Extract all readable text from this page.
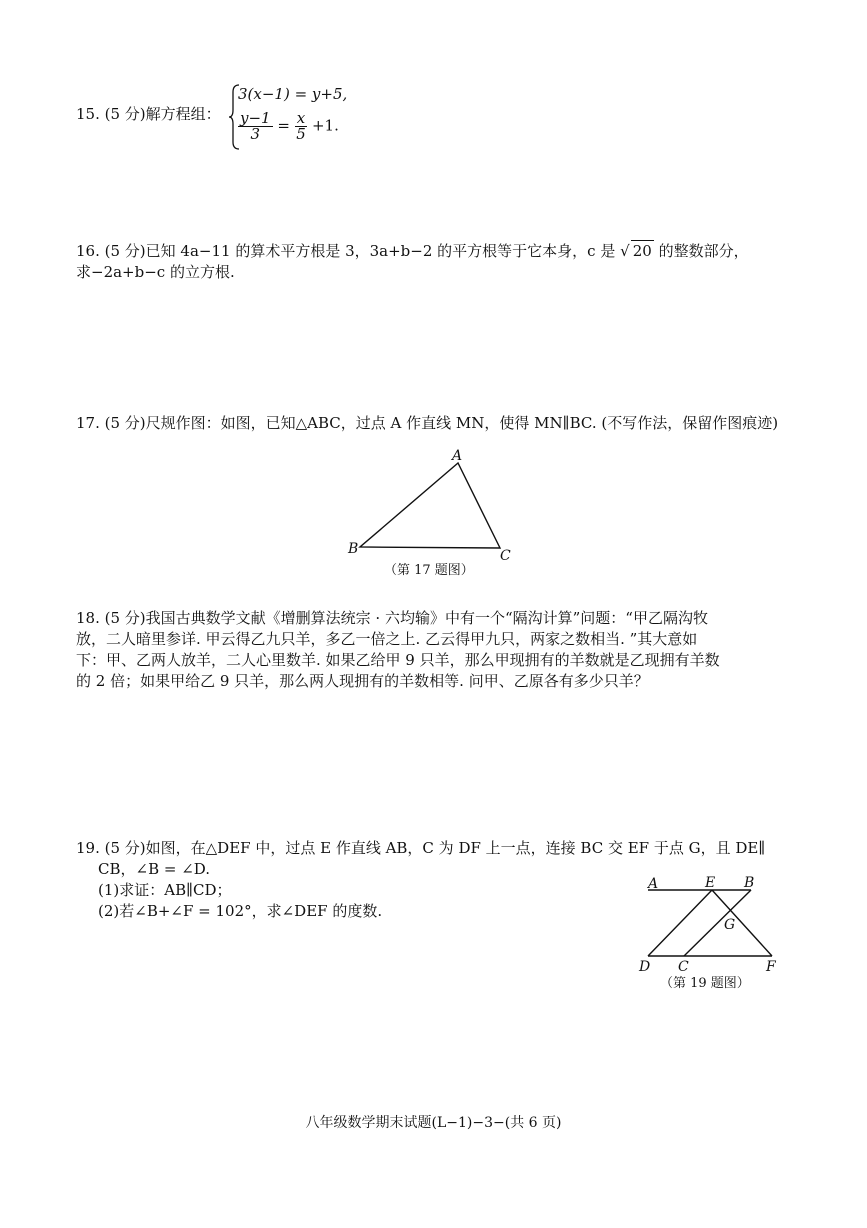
15. (5 分)解方程组：
3(x−1) = y+5,
$\frac{y-1}{3} = \frac{x}{5} +1$.
16. (5 分)已知 4a−11 的算术平方根是 3，3a+b−2 的平方根等于它本身，c 是 √ 20 的整数部分，
求−2a+b−c 的立方根.
17. (5 分)尺规作图：如图，已知△ABC，过点 A 作直线 MN，使得 MN∥BC. (不写作法，保留作图痕迹)
A
B	C
（第 17 题图）
18. (5 分)我国古典数学文献《增删算法统宗 · 六均输》中有一个“隔沟计算”问题：“甲乙隔沟牧
放，二人暗里参详. 甲云得乙九只羊，多乙一倍之上. 乙云得甲九只，两家之数相当. ”其大意如
下：甲、乙两人放羊，二人心里数羊. 如果乙给甲 9 只羊，那么甲现拥有的羊数就是乙现拥有羊数
的 2 倍；如果甲给乙 9 只羊，那么两人现拥有的羊数相等. 问甲、乙原各有多少只羊？
19. (5 分)如图，在△DEF 中，过点 E 作直线 AB，C 为 DF 上一点，连接 BC 交 EF 于点 G，且 DE∥
CB，∠B = ∠D.
(1)求证：AB∥CD；
(2)若∠B+∠F = 102°，求∠DEF 的度数.
A	E B
G
D C	F
（第 19 题图）
八年级数学期末试题(L−1)−3−(共 6 页)
